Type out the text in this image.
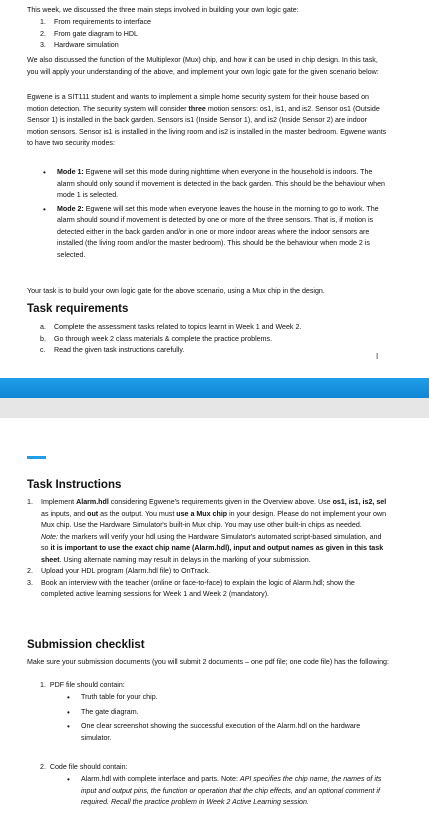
This week, we discussed the three main steps involved in building your own logic gate:

1. From requirements to interface
2. From gate diagram to HDL
3. Hardware simulation

We also discussed the function of the Multiplexor (Mux) chip, and how it can be used in chip design. In this task, you will apply your understanding of the above, and implement your own logic gate for the given scenario below:

Egwene is a SIT111 student and wants to implement a simple home security system for their house based on motion detection. The security system will consider three motion sensors: os1, is1, and is2. Sensor os1 (Outside Sensor 1) is installed in the back garden. Sensors is1 (Inside Sensor 1), and is2 (Inside Sensor 2) are indoor motion sensors. Sensor is1 is installed in the living room and is2 is installed in the master bedroom. Egwene wants to have two security modes:

• Mode 1: Egwene will set this mode during nighttime when everyone in the household is indoors. The alarm should only sound if movement is detected in the back garden. This should be the behaviour when mode 1 is selected.
• Mode 2: Egwene will set this mode when everyone leaves the house in the morning to go to work. The alarm should sound if movement is detected by one or more of the three sensors. That is, if motion is detected either in the back garden and/or in one or more indoor areas where the indoor sensors are installed (the living room and/or the master bedroom). This should be the behaviour when mode 2 is selected.

Your task is to build your own logic gate for the above scenario, using a Mux chip in the design.

Task requirements
a. Complete the assessment tasks related to topics learnt in Week 1 and Week 2.
b. Go through week 2 class materials & complete the practice problems.
c. Read the given task instructions carefully.
I
Task Instructions
1. Implement Alarm.hdl considering Egwene's requirements given in the Overview above. Use os1, is1, is2, sel as inputs, and out as the output. You must use a Mux chip in your design. Please do not implement your own Mux chip. Use the Hardware Simulator's built-in Mux chip. You may use other built-in chips as needed.
Note: the markers will verify your hdl using the Hardware Simulator's automated script-based simulation, and so it is important to use the exact chip name (Alarm.hdl), input and output names as given in this task sheet. Using alternate naming may result in delays in the marking of your submission.
2. Upload your HDL program (Alarm.hdl file) to OnTrack.
3. Book an interview with the teacher (online or face-to-face) to explain the logic of Alarm.hdl; show the completed active learning sessions for Week 1 and Week 2 (mandatory).
Submission checklist

Make sure your submission documents (you will submit 2 documents – one pdf file; one code file) has the following:

1.  PDF file should contain:

• Truth table for your chip.
• The gate diagram.
• One clear screenshot showing the successful execution of the Alarm.hdl on the hardware simulator.

2.  Code file should contain:

• Alarm.hdl with complete interface and parts. Note: API specifies the chip name, the names of its input and output pins, the function or operation that the chip effects, and an optional comment if required. Recall the practice problem in Week 2 Active Learning session.
